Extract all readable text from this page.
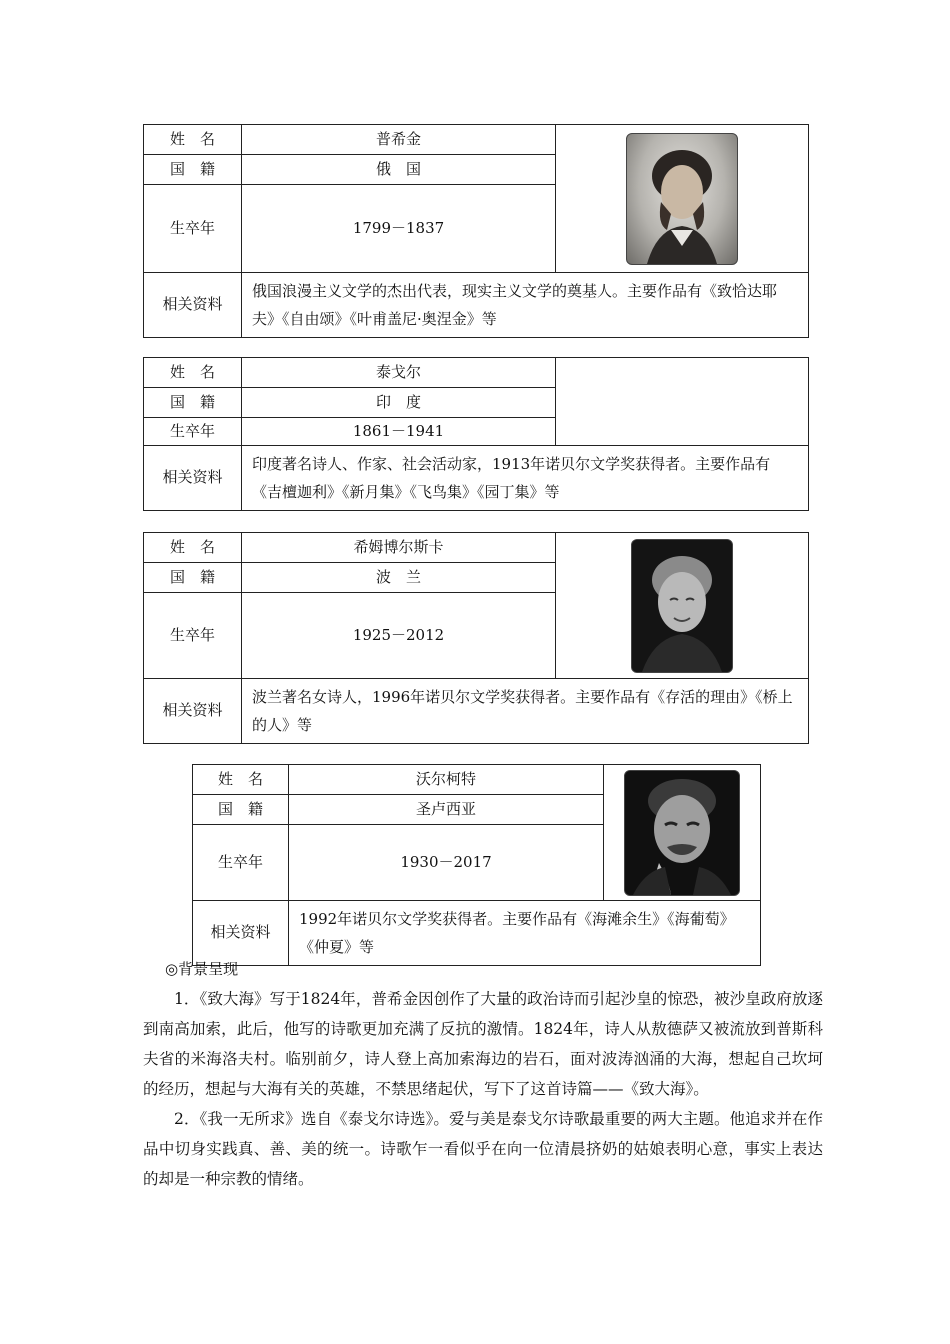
姓　名	普希金	

国　籍	俄　国	
生卒年	1799－1837	
相关资料	俄国浪漫主义文学的杰出代表，现实主义文学的奠基人。主要作品有《致恰达耶夫》《自由颂》《叶甫盖尼·奥涅金》等	
姓　名	泰戈尔	
国　籍	印　度	
生卒年	1861－1941	
相关资料	印度著名诗人、作家、社会活动家，1913年诺贝尔文学奖获得者。主要作品有《吉檀迦利》《新月集》《飞鸟集》《园丁集》等	
姓　名	希姆博尔斯卡	

国　籍	波　兰	
生卒年	1925－2012	
相关资料	波兰著名女诗人，1996年诺贝尔文学奖获得者。主要作品有《存活的理由》《桥上的人》等	
姓　名	沃尔柯特	

国　籍	圣卢西亚	
生卒年	1930－2017	
相关资料	1992年诺贝尔文学奖获得者。主要作品有《海滩余生》《海葡萄》《仲夏》等	
◎背景呈现

1．《致大海》写于1824年，普希金因创作了大量的政治诗而引起沙皇的惊恐，被沙皇政府放逐到南高加索，此后，他写的诗歌更加充满了反抗的激情。1824年，诗人从敖德萨又被流放到普斯科夫省的米海洛夫村。临别前夕，诗人登上高加索海边的岩石，面对波涛汹涌的大海，想起自己坎坷的经历，想起与大海有关的英雄，不禁思绪起伏，写下了这首诗篇——《致大海》。

2．《我一无所求》选自《泰戈尔诗选》。爱与美是泰戈尔诗歌最重要的两大主题。他追求并在作品中切身实践真、善、美的统一。诗歌乍一看似乎在向一位清晨挤奶的姑娘表明心意，事实上表达的却是一种宗教的情绪。
